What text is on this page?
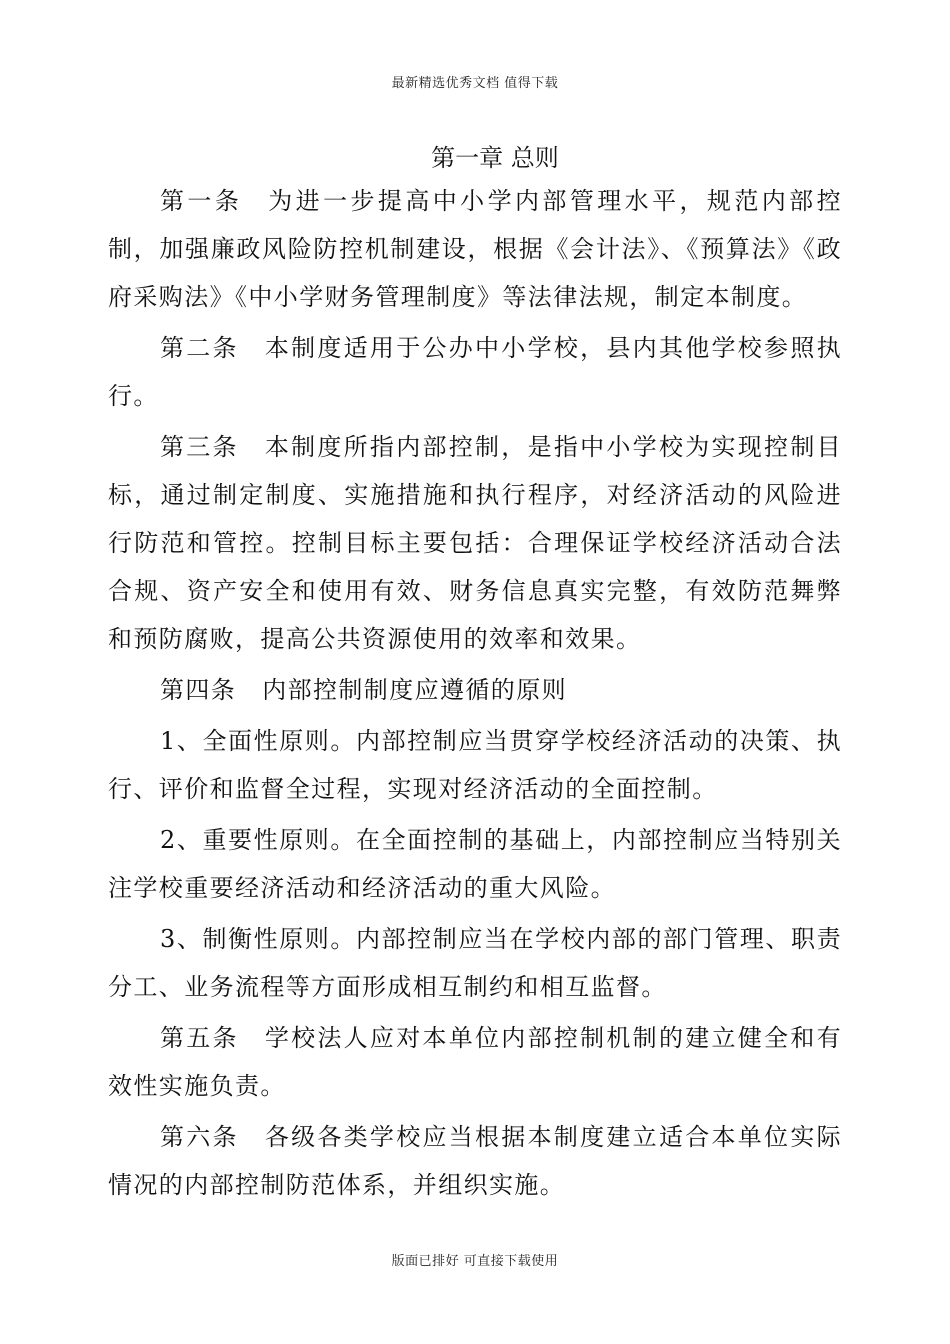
最新精选优秀文档 值得下载
第一章 总则

第一条 为进一步提高中小学内部管理水平，规范内部控制，加强廉政风险防控机制建设，根据《会计法》、《预算法》《政府采购法》《中小学财务管理制度》等法律法规，制定本制度。

第二条 本制度适用于公办中小学校，县内其他学校参照执行。

第三条 本制度所指内部控制，是指中小学校为实现控制目标，通过制定制度、实施措施和执行程序，对经济活动的风险进行防范和管控。控制目标主要包括：合理保证学校经济活动合法合规、资产安全和使用有效、财务信息真实完整，有效防范舞弊和预防腐败，提高公共资源使用的效率和效果。

第四条 内部控制制度应遵循的原则

1、全面性原则。内部控制应当贯穿学校经济活动的决策、执行、评价和监督全过程，实现对经济活动的全面控制。

2、重要性原则。在全面控制的基础上，内部控制应当特别关注学校重要经济活动和经济活动的重大风险。

3、制衡性原则。内部控制应当在学校内部的部门管理、职责分工、业务流程等方面形成相互制约和相互监督。

第五条 学校法人应对本单位内部控制机制的建立健全和有效性实施负责。

第六条 各级各类学校应当根据本制度建立适合本单位实际情况的内部控制防范体系，并组织实施。

版面已排好 可直接下载使用
